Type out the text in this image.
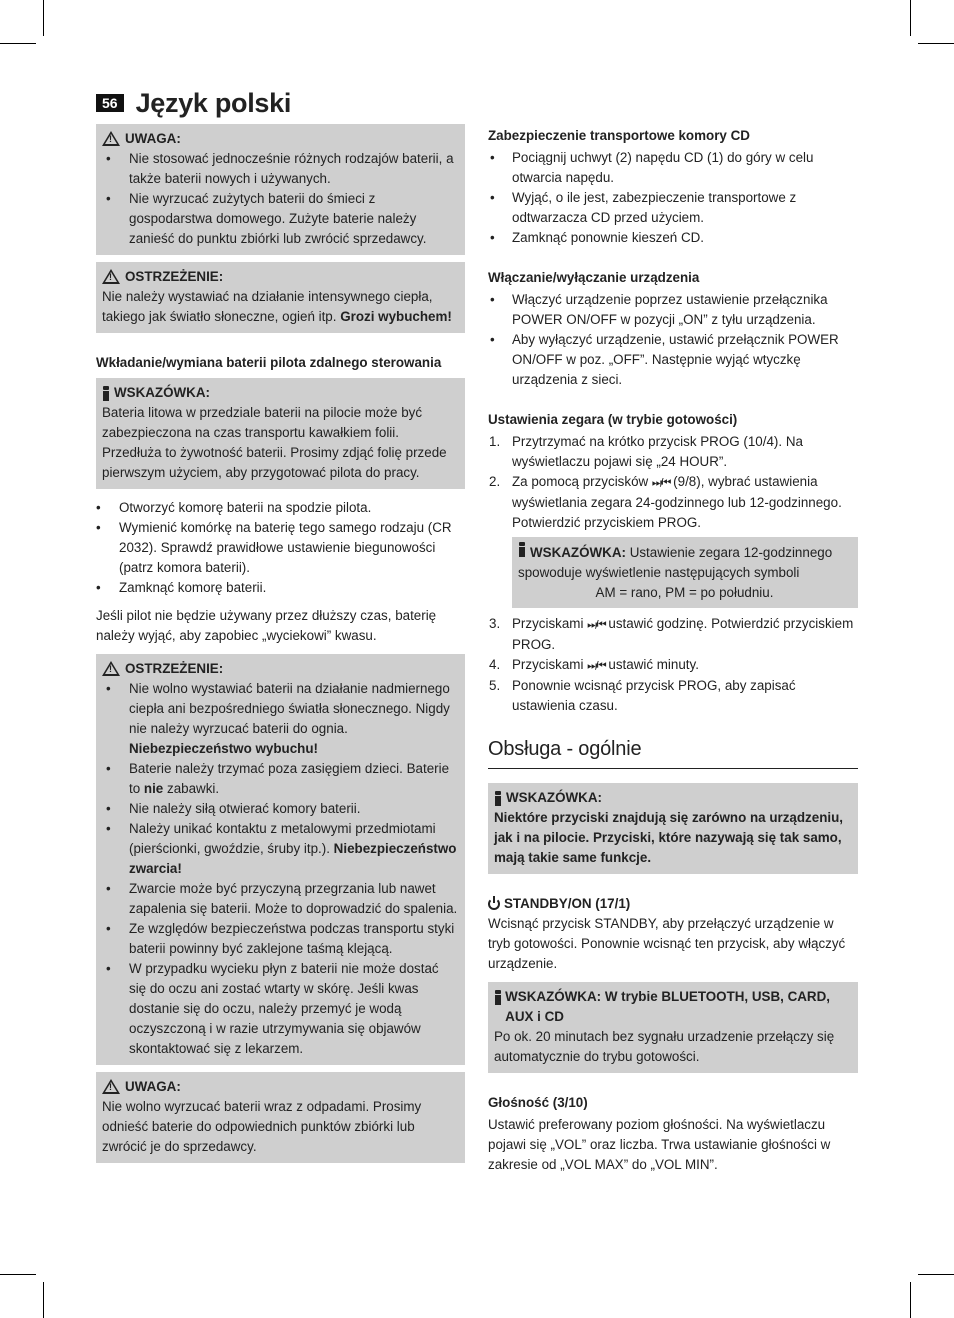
56 Język polski
!
UWAGA:
• Nie stosować jednocześnie różnych rodzajów baterii, a także baterii nowych i używanych.
• Nie wyrzucać zużytych baterii do śmieci z gospodarstwa domowego. Zużyte baterie należy zanieść do punktu zbiórki lub zwrócić sprzedawcy.
!
OSTRZEŻENIE:

Nie należy wystawiać na działanie intensywnego ciepła, takiego jak światło słoneczne, ogień itp. Grozi wybuchem!

Wkładanie/wymiana baterii pilota zdalnego sterowania
WSKAZÓWKA:

Bateria litowa w przedziale baterii na pilocie może być zabezpieczona na czas transportu kawałkiem folii. Przedłuża to żywotność baterii. Prosimy zdjąć folię przede pierwszym użyciem, aby przygotować pilota do pracy.

• Otworzyć komorę baterii na spodzie pilota.
• Wymienić komórkę na baterię tego samego rodzaju (CR 2032). Sprawdź prawidłowe ustawienie biegunowości (patrz komora baterii).
• Zamknąć komorę baterii.

Jeśli pilot nie będzie używany przez dłuższy czas, baterię należy wyjąć, aby zapobiec „wyciekowi” kwasu.

!
OSTRZEŻENIE:
• Nie wolno wystawiać baterii na działanie nadmiernego ciepła ani bezpośredniego światła słonecznego. Nigdy nie należy wyrzucać baterii do ognia. Niebezpieczeństwo wybuchu!
• Baterie należy trzymać poza zasięgiem dzieci. Baterie to nie zabawki.
• Nie należy siłą otwierać komory baterii.
• Należy unikać kontaktu z metalowymi przedmiotami (pierścionki, gwoździe, śruby itp.). Niebezpieczeństwo zwarcia!
• Zwarcie może być przyczyną przegrzania lub nawet zapalenia się baterii. Może to doprowadzić do spalenia.
• Ze względów bezpieczeństwa podczas transportu styki baterii powinny być zaklejone taśmą klejącą.
• W przypadku wycieku płyn z baterii nie może dostać się do oczu ani zostać wtarty w skórę. Jeśli kwas dostanie się do oczu, należy przemyć je wodą oczyszczoną i w razie utrzymywania się objawów skontaktować się z lekarzem.
!
UWAGA:

Nie wolno wyrzucać baterii wraz z odpadami. Prosimy odnieść baterie do odpowiednich punktów zbiórki lub zwrócić je do sprzedawcy.

Zabezpieczenie transportowe komory CD
• Pociągnij uchwyt (2) napędu CD (1) do góry w celu otwarcia napędu.
• Wyjąć, o ile jest, zabezpieczenie transportowe z odtwarzacza CD przed użyciem.
• Zamknąć ponownie kieszeń CD.
Włączanie/wyłączanie urządzenia
• Włączyć urządzenie poprzez ustawienie przełącznika POWER ON/OFF w pozycji „ON” z tyłu urządzenia.
• Aby wyłączyć urządzenie, ustawić przełącznik POWER ON/OFF w poz. „OFF”. Następnie wyjąć wtyczkę urządzenia z sieci.
Ustawienia zegara (w trybie gotowości)
1. Przytrzymać na krótko przycisk PROG (10/4). Na wyświetlaczu pojawi się „24 HOUR”.
2. Za pomocą przycisków ⏭/⏮ (9/8), wybrać ustawienia wyświetlania zegara 24-godzinnego lub 12-godzinnego. Potwierdzić przyciskiem PROG.

WSKAZÓWKA: Ustawienie zegara 12-godzinnego spowoduje wyświetlenie następujących symboli

AM = rano, PM = po południu.

3. Przyciskami ⏭/⏮ ustawić godzinę. Potwierdzić przyciskiem PROG.
4. Przyciskami ⏭/⏮ ustawić minuty.
5. Ponownie wcisnąć przycisk PROG, aby zapisać ustawienia czasu.
Obsługa - ogólnie
WSKAZÓWKA:

Niektóre przyciski znajdują się zarówno na urządzeniu, jak i na pilocie. Przyciski, które nazywają się tak samo, mają takie same funkcje.

STANDBY/ON (17/1)

Wcisnąć przycisk STANDBY, aby przełączyć urządzenie w tryb gotowości. Ponownie wcisnąć ten przycisk, aby włączyć urządzenie.

WSKAZÓWKA: W trybie BLUETOOTH, USB, CARD, AUX i CD

Po ok. 20 minutach bez sygnału urzadzenie przełączy się automatycznie do trybu gotowości.

Głośność (3/10)

Ustawić preferowany poziom głośności. Na wyświetlaczu pojawi się „VOL” oraz liczba. Trwa ustawianie głośności w zakresie od „VOL MAX” do „VOL MIN”.
